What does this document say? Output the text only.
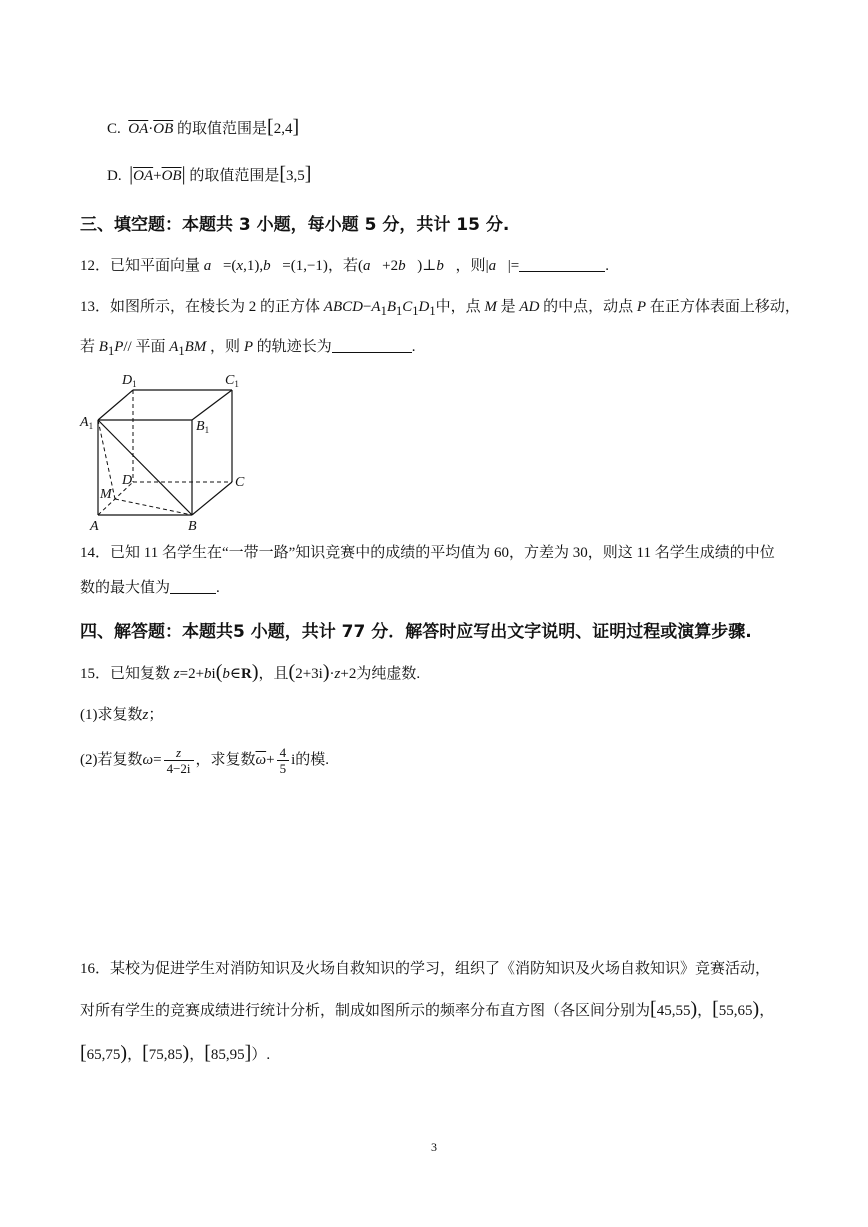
C. $\overline{OA}\cdot\overline{OB}$ 的取值范围是[2,4]
D. $|\overline{OA}+\overline{OB}|$ 的取值范围是[3,5]
三、填空题：本题共 3 小题，每小题 5 分，共计 15 分.
12．已知平面向量 a⃗=(x,1),b⃗=(1,−1)，若(a⃗+2b⃗)⊥b⃗，则|a⃗|=	.
13．如图所示，在棱长为 2 的正方体 $ABCD-A_1B_1C_1D_1$中，点 M 是 AD 的中点，动点 P 在正方体表面上移动，
若 $B_1P//$ 平面 $A_1BM$ ，则 P 的轨迹长为	.
$D_1$	$C_1$
$A_1$	$B_1$
D	C
M
A	B
14．已知 11 名学生在“一带一路”知识竞赛中的成绩的平均值为 60，方差为 30，则这 11 名学生成绩的中位
数的最大值为	.
四、解答题：本题共5 小题，共计 77 分．解答时应写出文字说明、证明过程或演算步骤.
15．已知复数 z=2+bi(b∈R)，且(2+3i)·z+2为纯虚数.
(1)求复数z；
(2)若复数$\omega= \frac{z}{4-2i}$ ，求复数$\overline{\omega}+ \frac{4}{5}$ i的模.
16．某校为促进学生对消防知识及火场自救知识的学习，组织了《消防知识及火场自救知识》竞赛活动，
对所有学生的竞赛成绩进行统计分析，制成如图所示的频率分布直方图（各区间分别为[45,55)，[55,65)，
[65,75)，[75,85)，[85,95]）.
3
